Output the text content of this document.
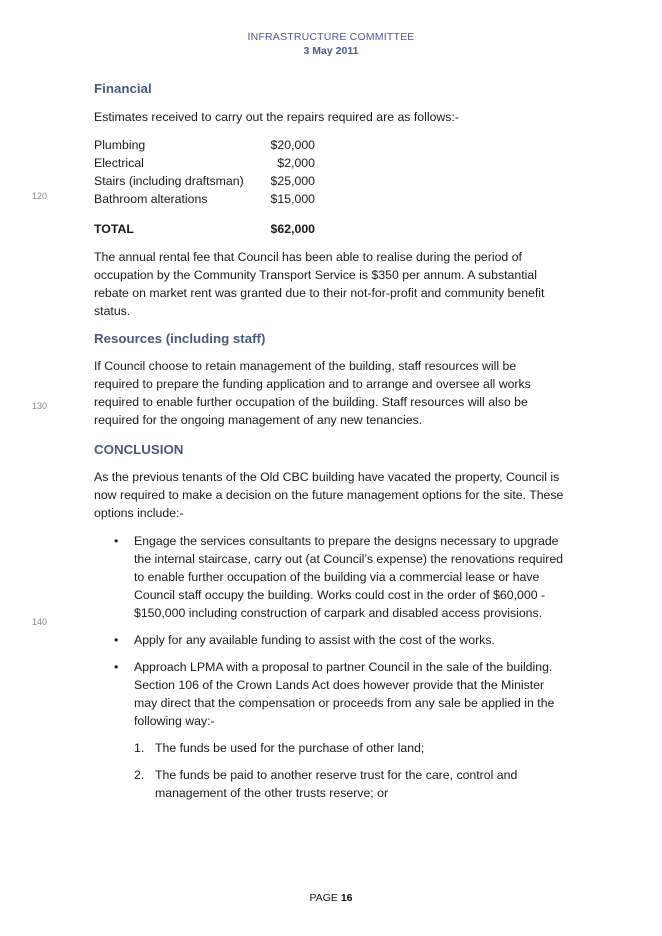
INFRASTRUCTURE COMMITTEE
3 May 2011
120
130
140
Financial

Estimates received to carry out the repairs required are as follows:-

Plumbing	$20,000
Electrical	$2,000
Stairs (including draftsman) $25,000
Bathroom alterations	$15,000
TOTAL	$62,000

The annual rental fee that Council has been able to realise during the period of occupation by the Community Transport Service is $350 per annum. A substantial rebate on market rent was granted due to their not-for-profit and community benefit status.

Resources (including staff)

If Council choose to retain management of the building, staff resources will be required to prepare the funding application and to arrange and oversee all works required to enable further occupation of the building. Staff resources will also be required for the ongoing management of any new tenancies.

CONCLUSION

As the previous tenants of the Old CBC building have vacated the property, Council is now required to make a decision on the future management options for the site. These options include:-

• Engage the services consultants to prepare the designs necessary to upgrade the internal staircase, carry out (at Council’s expense) the renovations required to enable further occupation of the building via a commercial lease or have Council staff occupy the building. Works could cost in the order of $60,000 - $150,000 including construction of carpark and disabled access provisions.
• Apply for any available funding to assist with the cost of the works.
• Approach LPMA with a proposal to partner Council in the sale of the building. Section 106 of the Crown Lands Act does however provide that the Minister may direct that the compensation or proceeds from any sale be applied in the following way:-
1. The funds be used for the purchase of other land;
2. The funds be paid to another reserve trust for the care, control and management of the other trusts reserve; or
PAGE 16
